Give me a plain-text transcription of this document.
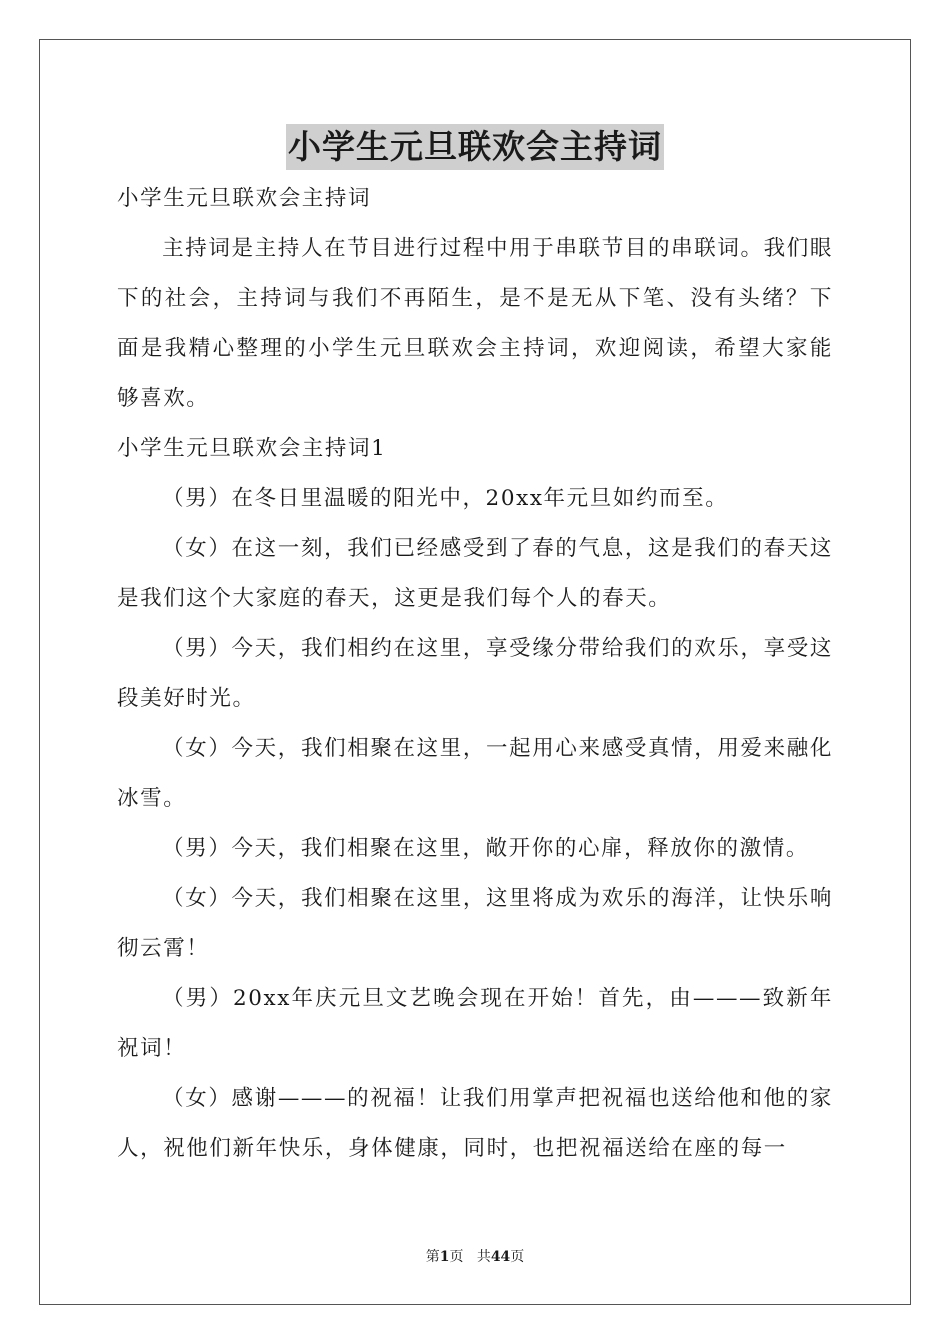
小学生元旦联欢会主持词

小学生元旦联欢会主持词

主持词是主持人在节目进行过程中用于串联节目的串联词。我们眼下的社会，主持词与我们不再陌生，是不是无从下笔、没有头绪？下面是我精心整理的小学生元旦联欢会主持词，欢迎阅读，希望大家能够喜欢。

小学生元旦联欢会主持词1

（男）在冬日里温暖的阳光中，20xx年元旦如约而至。

（女）在这一刻，我们已经感受到了春的气息，这是我们的春天这是我们这个大家庭的春天，这更是我们每个人的春天。

（男）今天，我们相约在这里，享受缘分带给我们的欢乐，享受这段美好时光。

（女）今天，我们相聚在这里，一起用心来感受真情，用爱来融化冰雪。

（男）今天，我们相聚在这里，敞开你的心扉，释放你的激情。

（女）今天，我们相聚在这里，这里将成为欢乐的海洋，让快乐响彻云霄！

（男）20xx年庆元旦文艺晚会现在开始！首先，由———致新年祝词！

（女）感谢———的祝福！让我们用掌声把祝福也送给他和他的家人，祝他们新年快乐，身体健康，同时，也把祝福送给在座的每一

第1页 共44页
